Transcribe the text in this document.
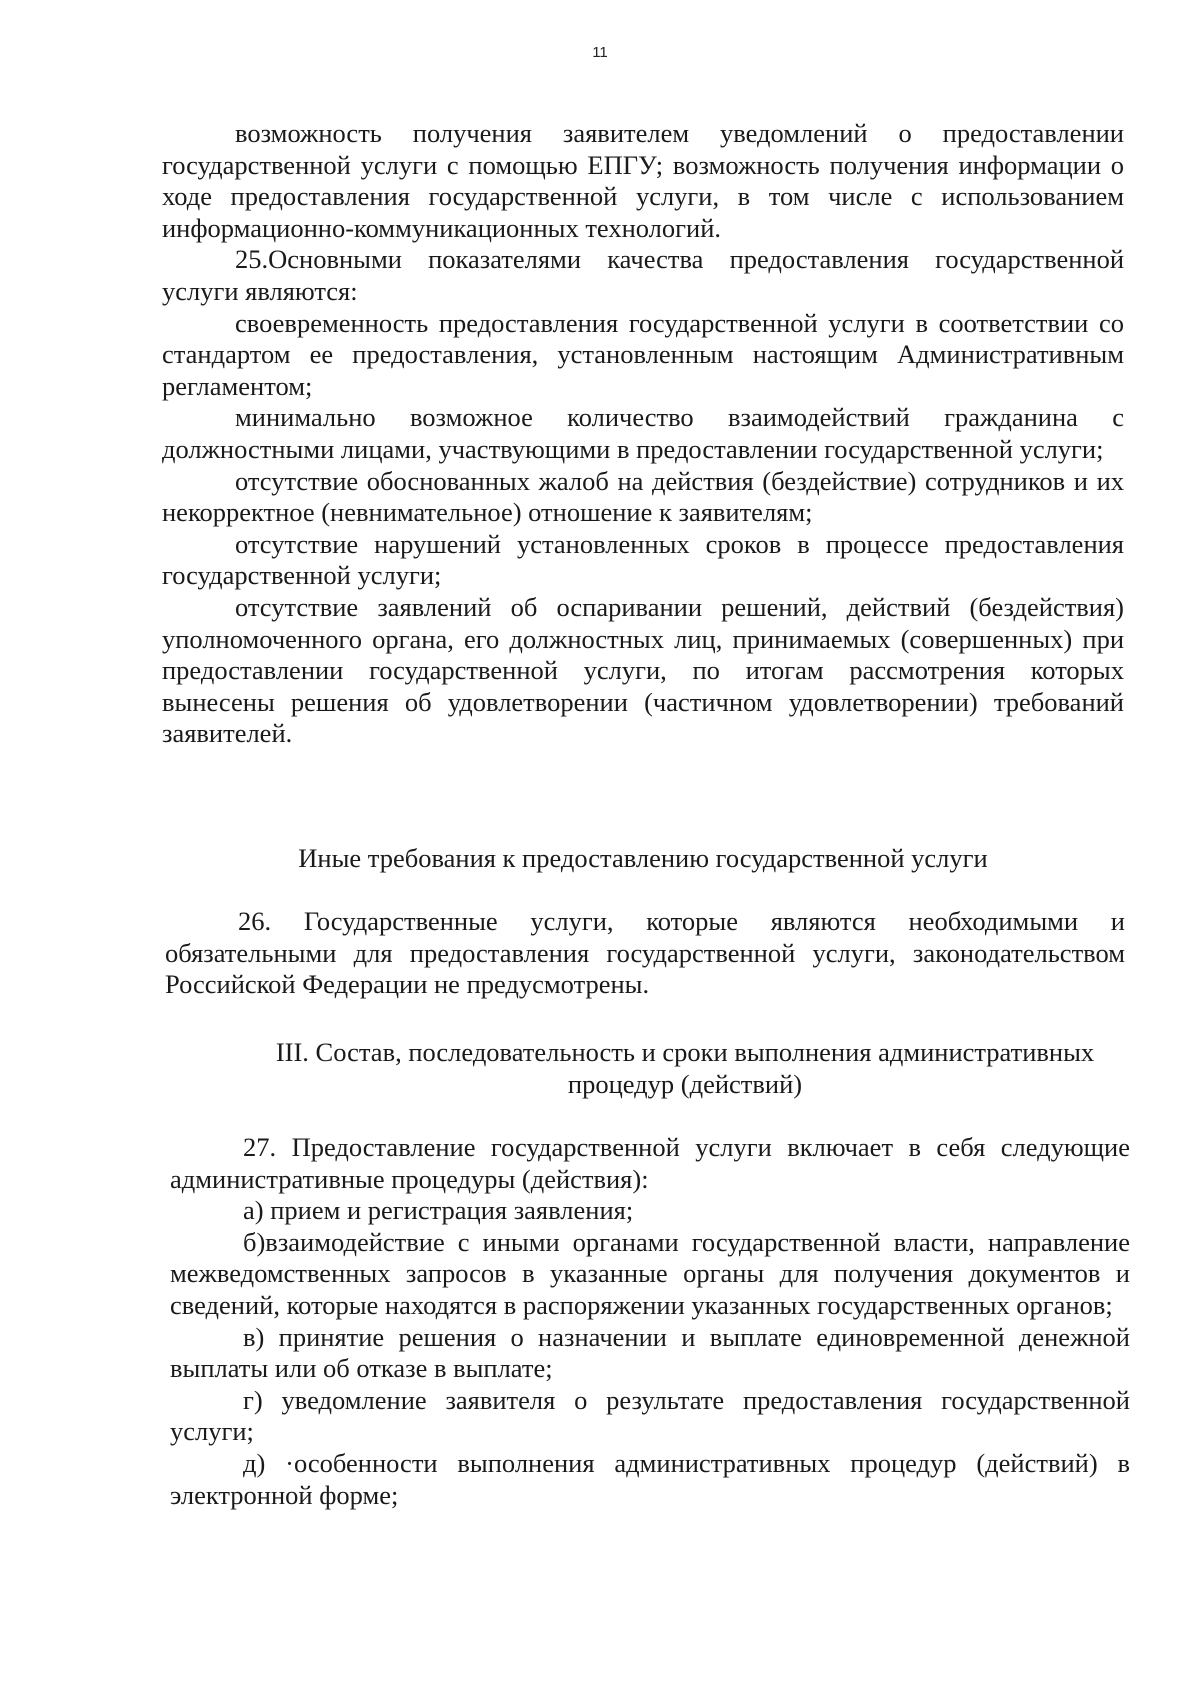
11

возможность получения заявителем уведомлений о предоставлении государственной услуги с помощью ЕПГУ; возможность получения информации о ходе предоставления государственной услуги, в том числе с использованием информационно-коммуникационных технологий.

25.Основными показателями качества предоставления государственной услуги являются:

своевременность предоставления государственной услуги в соответствии со стандартом ее предоставления, установленным настоящим Административным регламентом;

минимально возможное количество взаимодействий гражданина с должностными лицами, участвующими в предоставлении государственной услуги;

отсутствие обоснованных жалоб на действия (бездействие) сотрудников и их некорректное (невнимательное) отношение к заявителям;

отсутствие нарушений установленных сроков в процессе предоставления государственной услуги;

отсутствие заявлений об оспаривании решений, действий (бездействия) уполномоченного органа, его должностных лиц, принимаемых (совершенных) при предоставлении государственной услуги, по итогам рассмотрения которых вынесены решения об удовлетворении (частичном удовлетворении) требований заявителей.

Иные требования к предоставлению государственной услуги

26. Государственные услуги, которые являются необходимыми и обязательными для предоставления государственной услуги, законодательством Российской Федерации не предусмотрены.

III. Состав, последовательность и сроки выполнения административных
процедур (действий)

27. Предоставление государственной услуги включает в себя следующие административные процедуры (действия):

а) прием и регистрация заявления;

б)взаимодействие с иными органами государственной власти, направление межведомственных запросов в указанные органы для получения документов и сведений, которые находятся в распоряжении указанных государственных органов;

в) принятие решения о назначении и выплате единовременной денежной выплаты или об отказе в выплате;

г) уведомление заявителя о результате предоставления государственной услуги;

д) ·особенности выполнения административных процедур (действий) в электронной форме;
